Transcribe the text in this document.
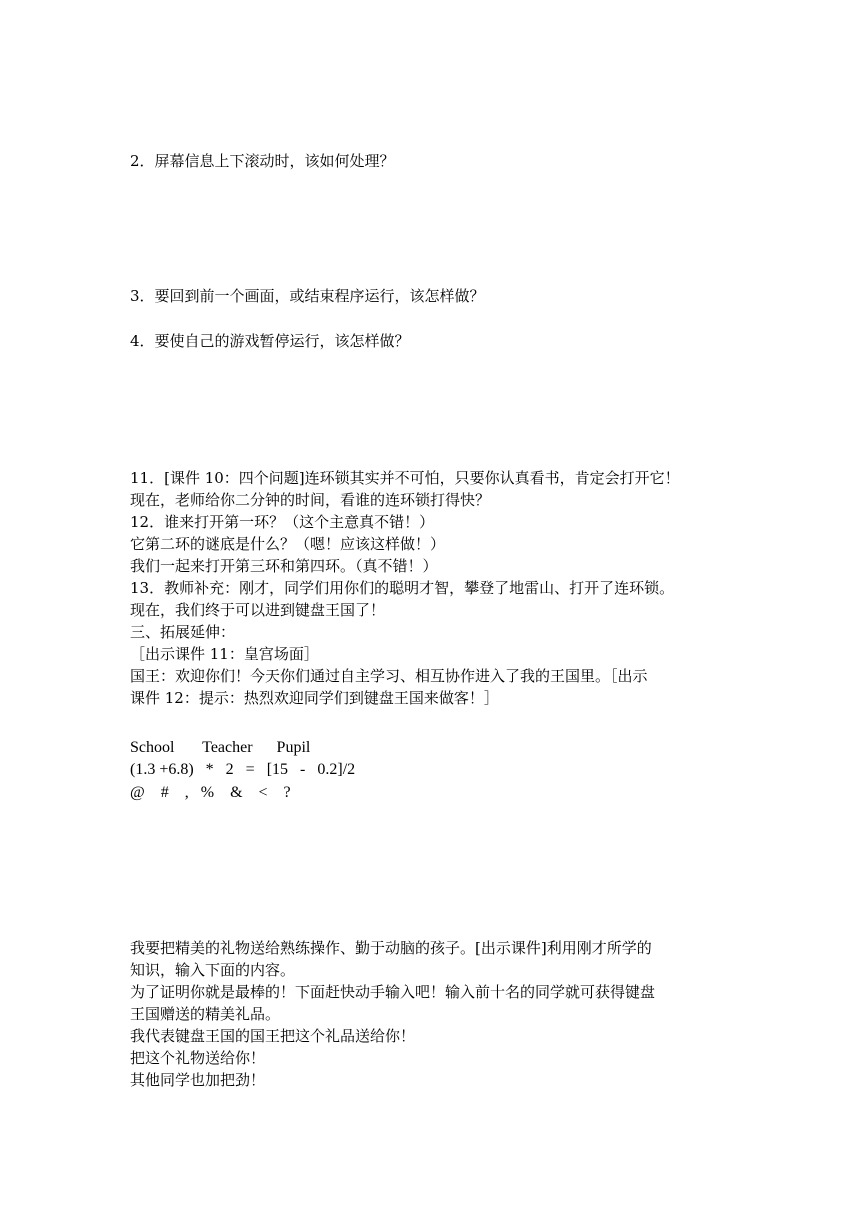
2．屏幕信息上下滚动时，该如何处理？
3．要回到前一个画面，或结束程序运行，该怎样做？
4．要使自己的游戏暂停运行，该怎样做？
11．[课件 10：四个问题]连环锁其实并不可怕，只要你认真看书，肯定会打开它！
现在，老师给你二分钟的时间，看谁的连环锁打得快？
12．谁来打开第一环？（这个主意真不错！）
它第二环的谜底是什么？（嗯！应该这样做！）
我们一起来打开第三环和第四环。（真不错！）
13．教师补充：刚才，同学们用你们的聪明才智，攀登了地雷山、打开了连环锁。
现在，我们终于可以进到键盘王国了！
三、拓展延伸：
［出示课件 11：皇宫场面］
国王：欢迎你们！今天你们通过自主学习、相互协作进入了我的王国里。［出示
课件 12：提示：热烈欢迎同学们到键盘王国来做客！］
School       Teacher      Pupil
(1.3 +6.8)   *   2   =   [15   -   0.2]/2
@    #    ,   %    &    <    ?
我要把精美的礼物送给熟练操作、勤于动脑的孩子。[出示课件]利用刚才所学的
知识，输入下面的内容。
为了证明你就是最棒的！下面赶快动手输入吧！输入前十名的同学就可获得键盘
王国赠送的精美礼品。
我代表键盘王国的国王把这个礼品送给你！
把这个礼物送给你！
其他同学也加把劲！
